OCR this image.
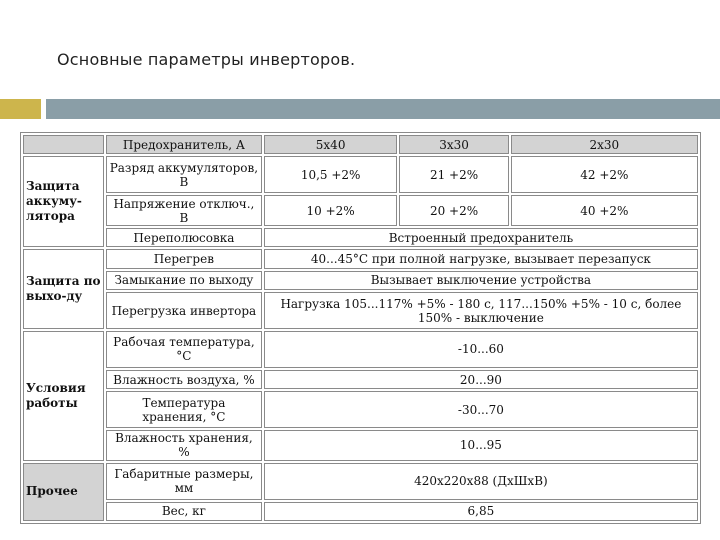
Основные параметры инверторов.
	Предохранитель, А	5х40	3х30	2х30
Защита аккуму-лятора	Разряд аккумуляторов, В	10,5 +2%	21 +2%	42 +2%
	Напряжение отключ., В	10 +2%	20 +2%	40 +2%
	Переполюсовка	Встроенный предохранитель		
Защита по выхо-ду	Перегрев	40...45°С при полной нагрузке, вызывает перезапуск		
	Замыкание по выходу	Вызывает выключение устройства		
	Перегрузка инвертора	Нагрузка 105...117% +5% - 180 с, 117...150% +5% - 10 с, более 150% - выключение		
Условия работы	Рабочая температура, °С	-10...60		
	Влажность воздуха, %	20...90		
	Температура хранения, °С	-30...70		
	Влажность хранения, %	10...95		
Прочее	Габаритные размеры, мм	420х220х88 (ДхШхВ)		
	Вес, кг	6,85		
